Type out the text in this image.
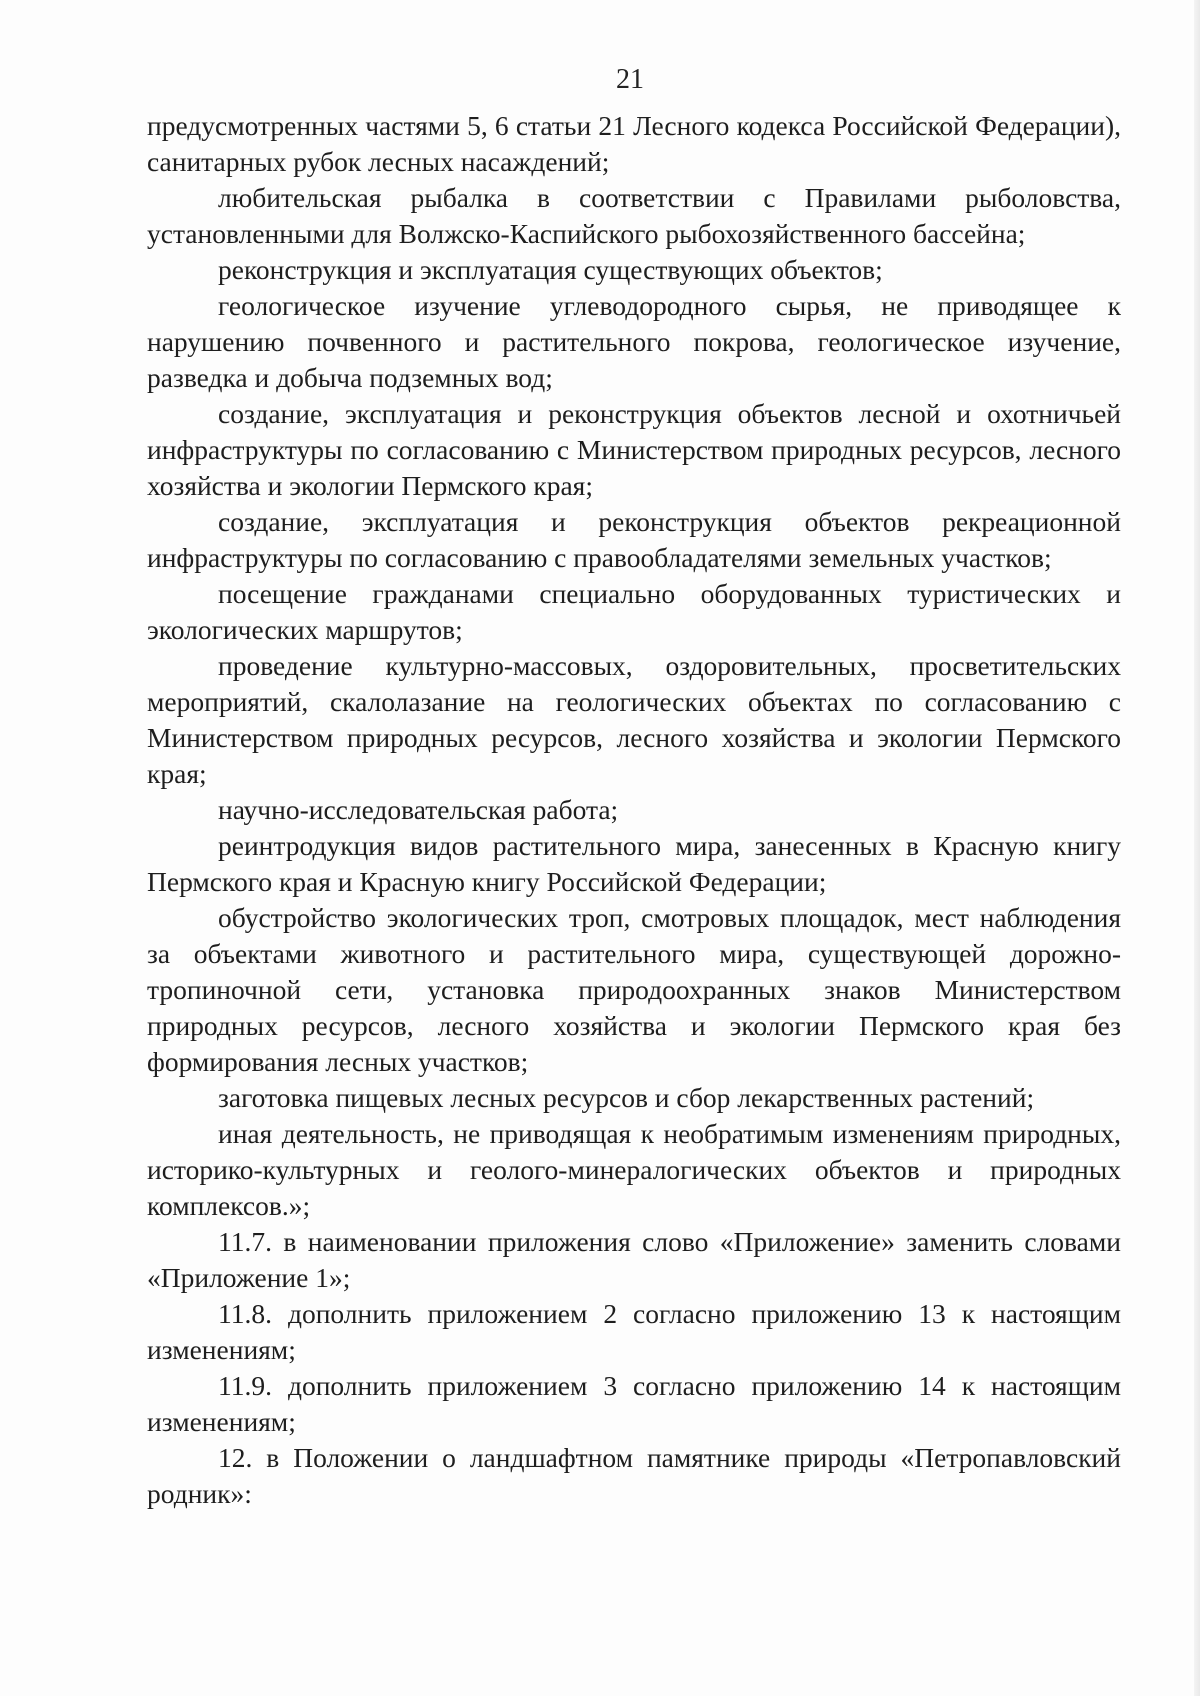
21

предусмотренных частями 5, 6 статьи 21 Лесного кодекса Российской Федерации), санитарных рубок лесных насаждений;

любительская рыбалка в соответствии с Правилами рыболовства, установленными для Волжско-Каспийского рыбохозяйственного бассейна;

реконструкция и эксплуатация существующих объектов;

геологическое изучение углеводородного сырья, не приводящее к нарушению почвенного и растительного покрова, геологическое изучение, разведка и добыча подземных вод;

создание, эксплуатация и реконструкция объектов лесной и охотничьей инфраструктуры по согласованию с Министерством природных ресурсов, лесного хозяйства и экологии Пермского края;

создание, эксплуатация и реконструкция объектов рекреационной инфраструктуры по согласованию с правообладателями земельных участков;

посещение гражданами специально оборудованных туристических и экологических маршрутов;

проведение культурно-массовых, оздоровительных, просветительских мероприятий, скалолазание на геологических объектах по согласованию с Министерством природных ресурсов, лесного хозяйства и экологии Пермского края;

научно-исследовательская работа;

реинтродукция видов растительного мира, занесенных в Красную книгу Пермского края и Красную книгу Российской Федерации;

обустройство экологических троп, смотровых площадок, мест наблюдения за объектами животного и растительного мира, существующей дорожно-тропиночной сети, установка природоохранных знаков Министерством природных ресурсов, лесного хозяйства и экологии Пермского края без формирования лесных участков;

заготовка пищевых лесных ресурсов и сбор лекарственных растений;

иная деятельность, не приводящая к необратимым изменениям природных, историко-культурных и геолого-минералогических объектов и природных комплексов.»;

11.7. в наименовании приложения слово «Приложение» заменить словами «Приложение 1»;

11.8. дополнить приложением 2 согласно приложению 13 к настоящим изменениям;

11.9. дополнить приложением 3 согласно приложению 14 к настоящим изменениям;

12. в Положении о ландшафтном памятнике природы «Петропавловский родник»:
